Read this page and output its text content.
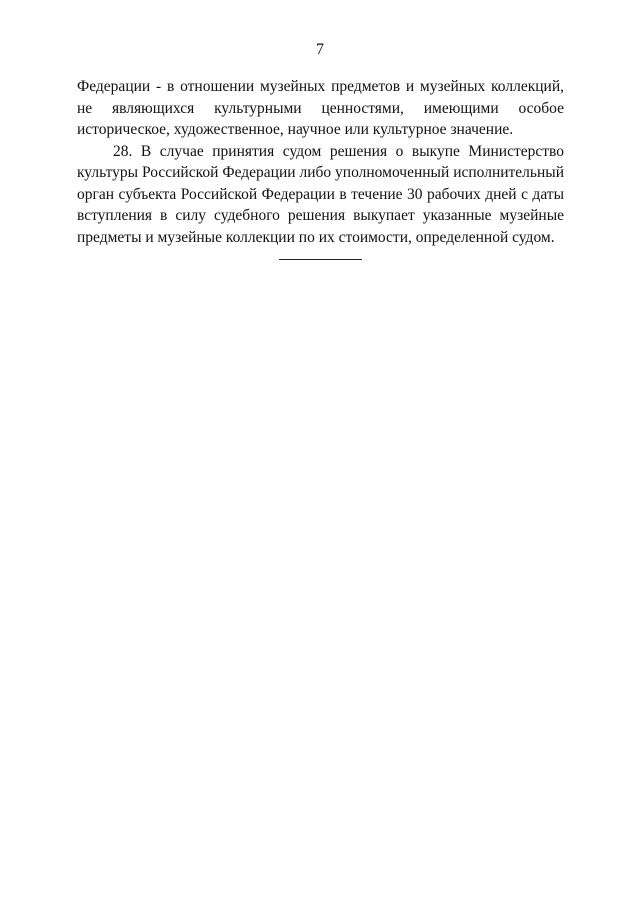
7
Федерации - в отношении музейных предметов и музейных коллекций,
не являющихся культурными ценностями, имеющими особое
историческое, художественное, научное или культурное значение.
28. В случае принятия судом решения о выкупе Министерство
культуры Российской Федерации либо уполномоченный исполнительный
орган субъекта Российской Федерации в течение 30 рабочих дней с даты
вступления в силу судебного решения выкупает указанные музейные
предметы и музейные коллекции по их стоимости, определенной судом.
